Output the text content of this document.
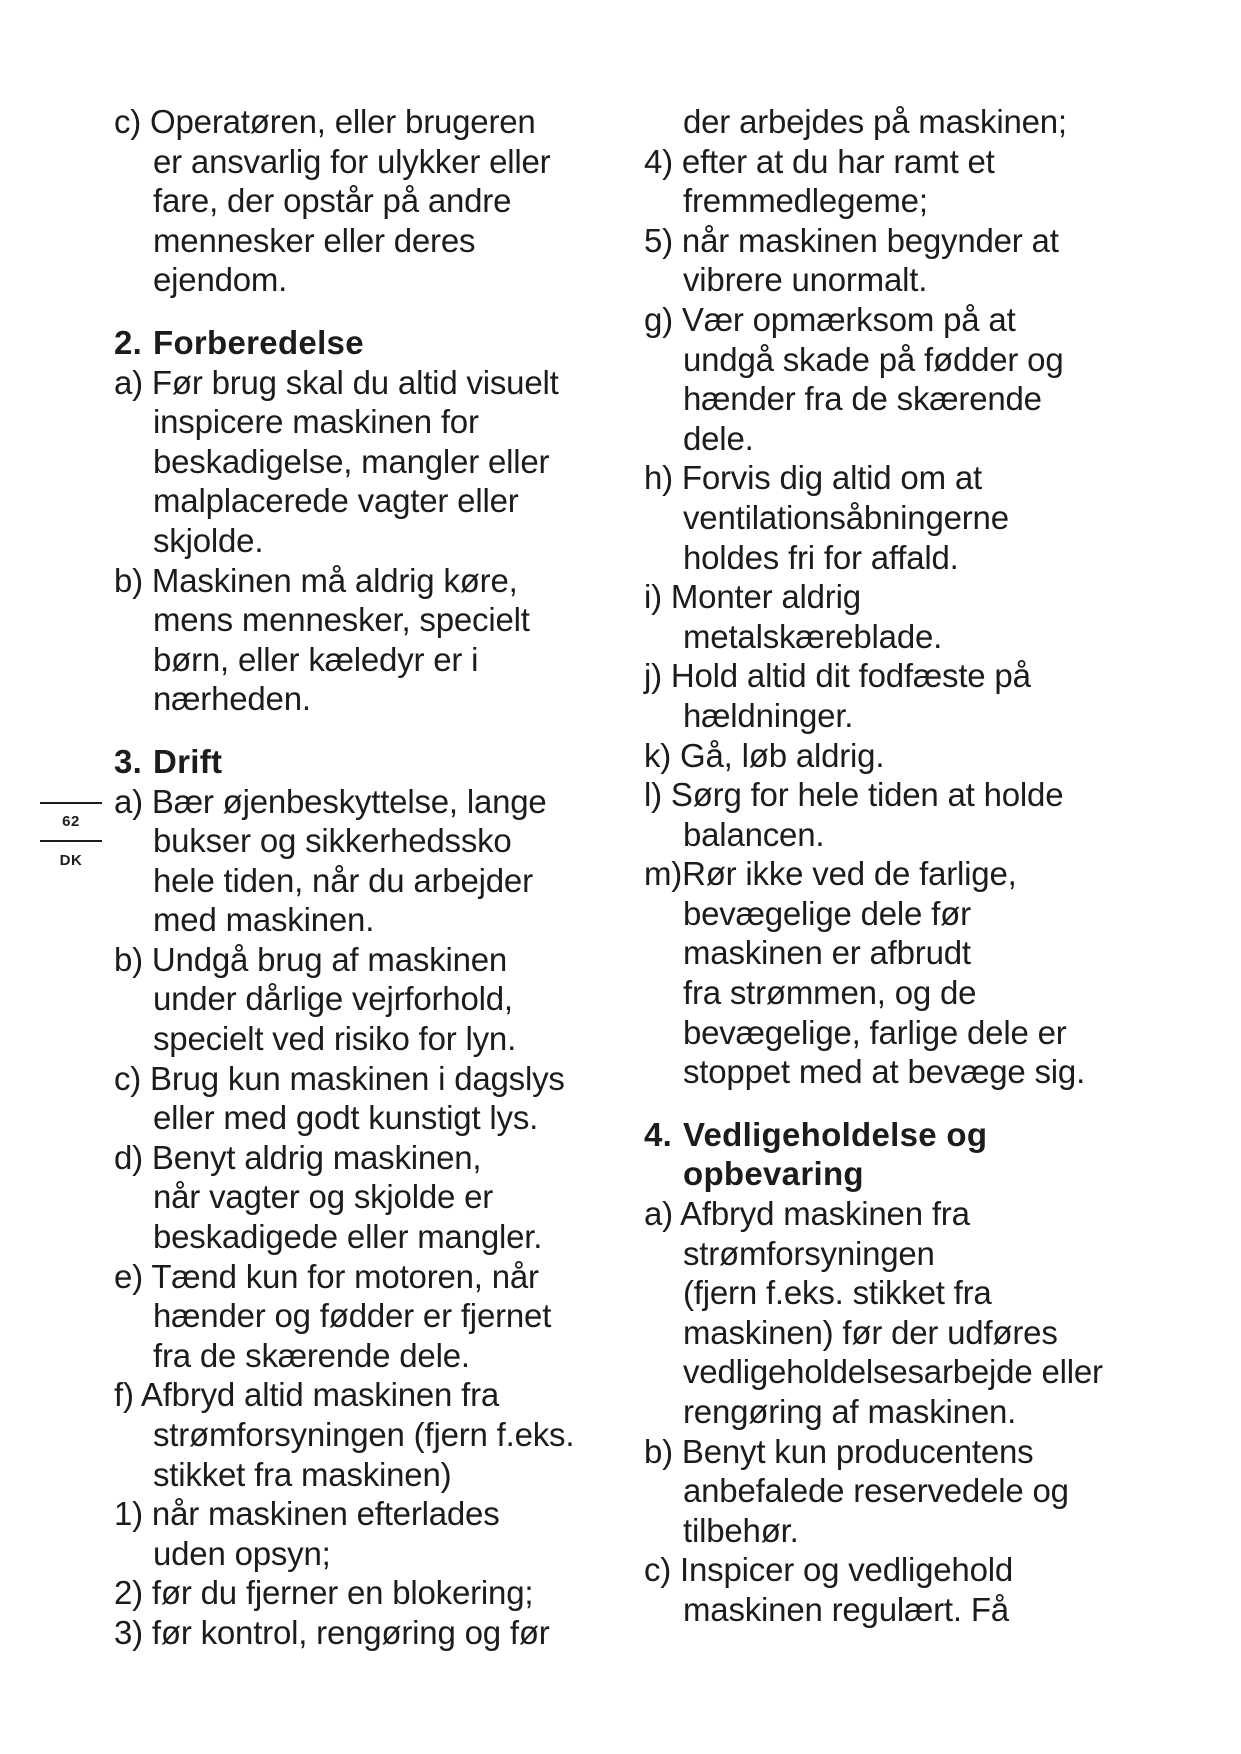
c) Operatøren, eller brugeren
er ansvarlig for ulykker eller
fare, der opstår på andre
mennesker eller deres
ejendom.
2. Forberedelse
a) Før brug skal du altid visuelt
inspicere maskinen for
beskadigelse, mangler eller
malplacerede vagter eller
skjolde.
b) Maskinen må aldrig køre,
mens mennesker, specielt
børn, eller kæledyr er i
nærheden.
3. Drift
a) Bær øjenbeskyttelse, lange
bukser og sikkerhedssko
hele tiden, når du arbejder
med maskinen.
b) Undgå brug af maskinen
under dårlige vejrforhold,
specielt ved risiko for lyn.
c) Brug kun maskinen i dagslys
eller med godt kunstigt lys.
d) Benyt aldrig maskinen,
når vagter og skjolde er
beskadigede eller mangler.
e) Tænd kun for motoren, når
hænder og fødder er fjernet
fra de skærende dele.
f) Afbryd altid maskinen fra
strømforsyningen (fjern f.eks.
stikket fra maskinen)
1) når maskinen efterlades
uden opsyn;
2) før du fjerner en blokering;
3) før kontrol, rengøring og før
der arbejdes på maskinen;
4) efter at du har ramt et
fremmedlegeme;
5) når maskinen begynder at
vibrere unormalt.
g) Vær opmærksom på at
undgå skade på fødder og
hænder fra de skærende
dele.
h) Forvis dig altid om at
ventilationsåbningerne
holdes fri for affald.
i) Monter aldrig
metalskæreblade.
j) Hold altid dit fodfæste på
hældninger.
k) Gå, løb aldrig.
l) Sørg for hele tiden at holde
balancen.
m)Rør ikke ved de farlige,
bevægelige dele før
maskinen er afbrudt
fra strømmen, og de
bevægelige, farlige dele er
stoppet med at bevæge sig.
4. Vedligeholdelse og
opbevaring
a) Afbryd maskinen fra
strømforsyningen
(fjern f.eks. stikket fra
maskinen) før der udføres
vedligeholdelsesarbejde eller
rengøring af maskinen.
b) Benyt kun producentens
anbefalede reservedele og
tilbehør.
c) Inspicer og vedligehold
maskinen regulært. Få
62
DK
